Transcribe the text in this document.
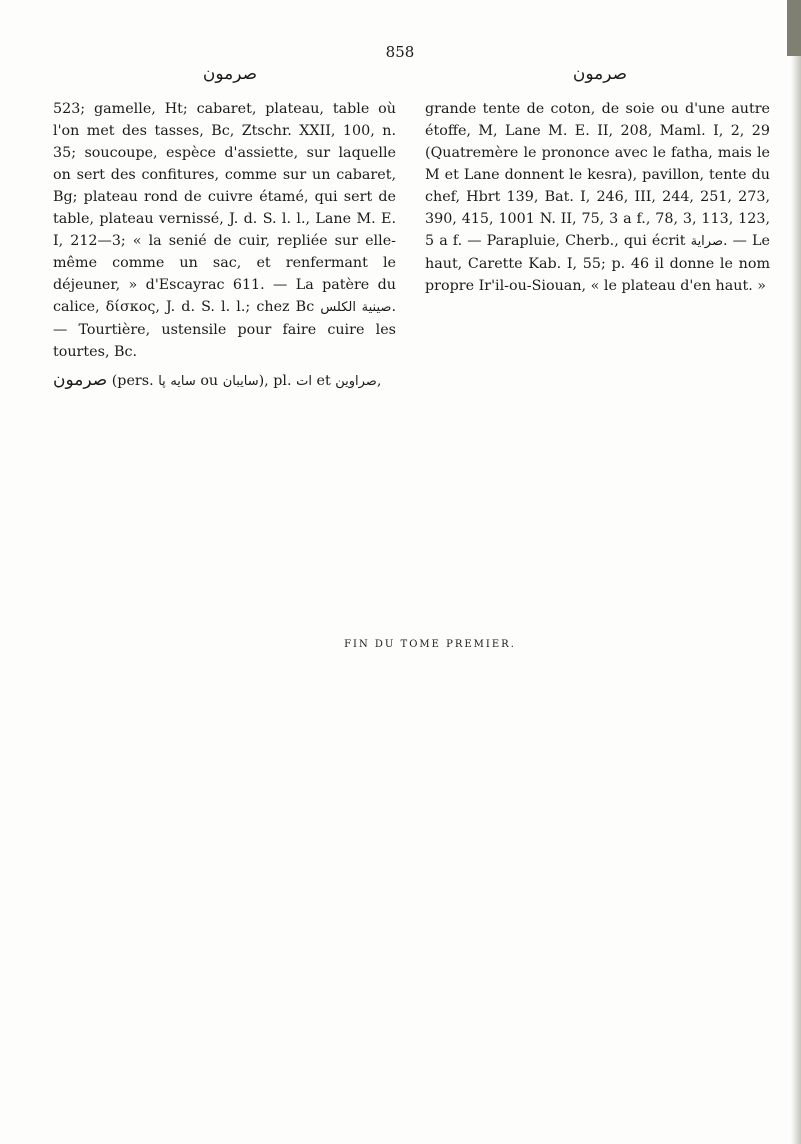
صرمون
858
صرمون

523; gamelle, Ht; cabaret, plateau, table où l'on met des tasses, Bc, Ztschr. XXII, 100, n. 35; soucoupe, espèce d'assiette, sur laquelle on sert des confitures, comme sur un cabaret, Bg; plateau rond de cuivre étamé, qui sert de table, plateau vernissé, J. d. S. l. l., Lane M. E. I, 212—3; « la senié de cuir, repliée sur elle-même comme un sac, et renfermant le déjeuner, » d'Escayrac 611. — La patère du calice, δίσκος, J. d. S. l. l.; chez Bc صينية الكلس. — Tourtière, ustensile pour faire cuire les tourtes, Bc.

صرمون (pers. پا سايه ou سايبان), pl. ات et صراوين,

grande tente de coton, de soie ou d'une autre étoffe, M, Lane M. E. II, 208, Maml. I, 2, 29 (Quatremère le prononce avec le fatha, mais le M et Lane donnent le kesra), pavillon, tente du chef, Hbrt 139, Bat. I, 246, III, 244, 251, 273, 390, 415, 1001 N. II, 75, 3 a f., 78, 3, 113, 123, 5 a f. — Parapluie, Cherb., qui écrit صراية. — Le haut, Carette Kab. I, 55; p. 46 il donne le nom propre Ir'il-ou-Siouan, « le plateau d'en haut. »

FIN DU TOME PREMIER.
